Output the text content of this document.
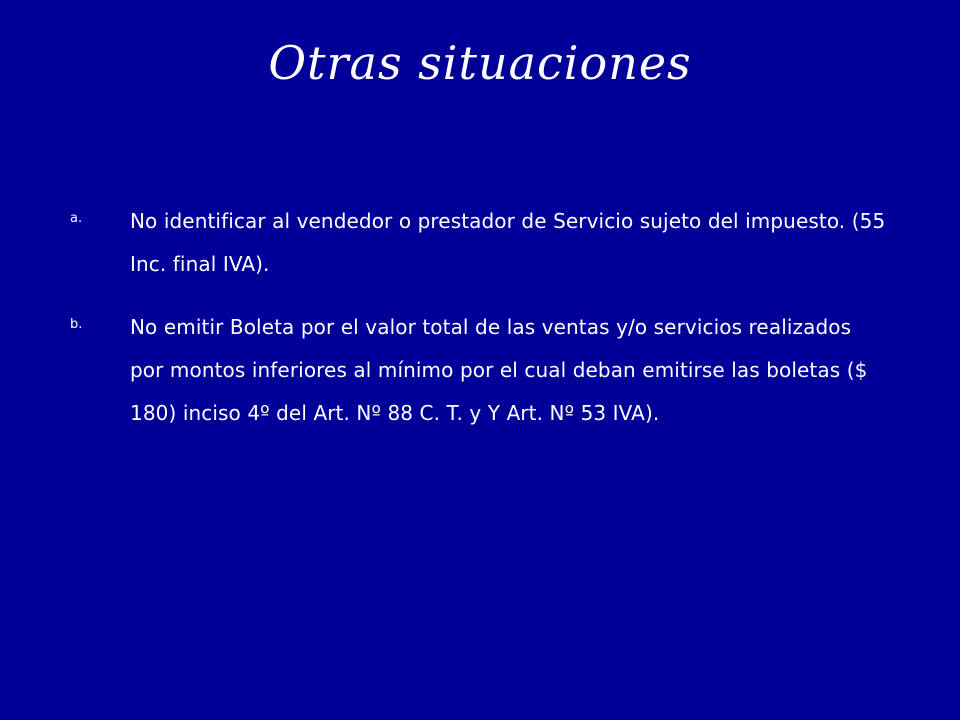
Otras situaciones
a. No identificar al vendedor o prestador de Servicio sujeto del impuesto. (55 Inc. final IVA).
b. No emitir Boleta por el valor total de las ventas y/o servicios realizados por montos inferiores al mínimo por el cual deban emitirse las boletas ($ 180) inciso 4º del Art. Nº 88 C. T. y Y Art. Nº 53 IVA).
